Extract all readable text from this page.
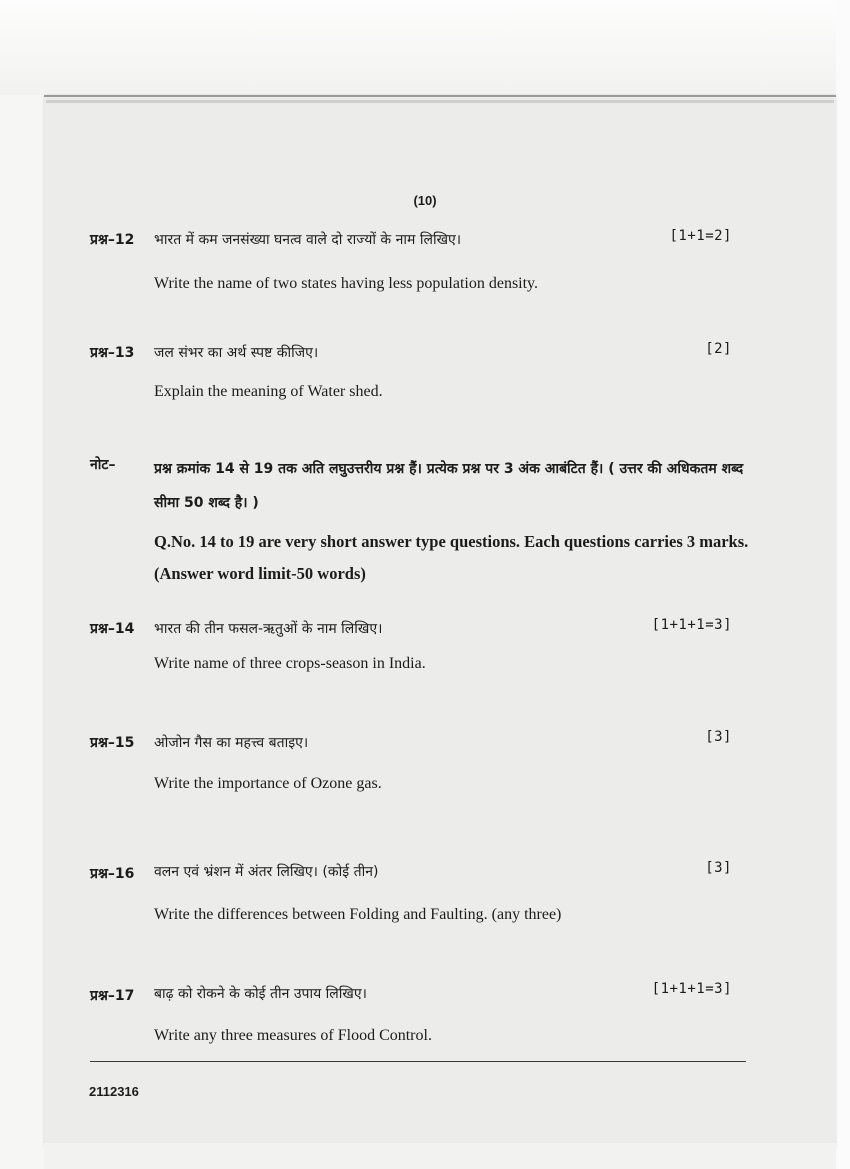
(10)
प्रश्न–12 भारत में कम जनसंख्या घनत्व वाले दो राज्यों के नाम लिखिए।	[1+1=2]
Write the name of two states having less population density.
प्रश्न–13 जल संभर का अर्थ स्पष्ट कीजिए।	[2]
Explain the meaning of Water shed.
नोट–	प्रश्न क्रमांक 14 से 19 तक अति लघुउत्तरीय प्रश्न हैं। प्रत्येक प्रश्न पर 3 अंक आबंटित हैं। ( उत्तर की अधिकतम शब्द सीमा 50 शब्द है। )
Q.No. 14 to 19 are very short answer type questions. Each questions carries 3 marks. (Answer word limit-50 words)
प्रश्न–14 भारत की तीन फसल-ऋतुओं के नाम लिखिए।	[1+1+1=3]
Write name of three crops-season in India.
प्रश्न–15 ओजोन गैस का महत्त्व बताइए।	[3]
Write the importance of Ozone gas.
प्रश्न–16 वलन एवं भ्रंशन में अंतर लिखिए। (कोई तीन)	[3]
Write the differences between Folding and Faulting. (any three)
प्रश्न–17 बाढ़ को रोकने के कोई तीन उपाय लिखिए।	[1+1+1=3]
Write any three measures of Flood Control.
2112316
